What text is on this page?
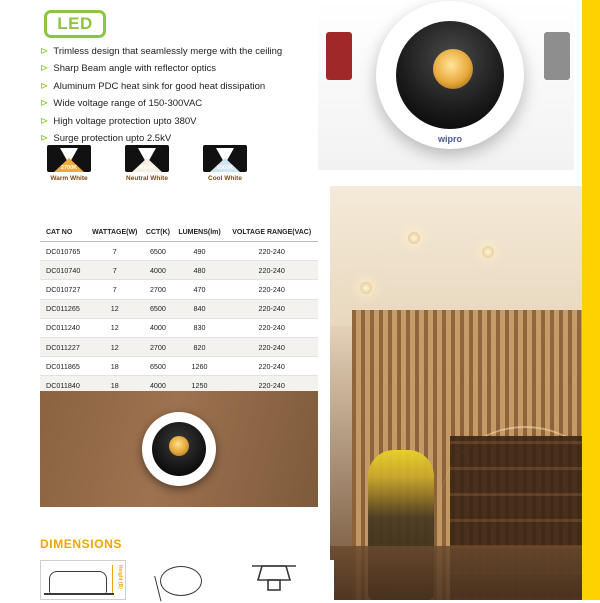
wipro
LED
⊳ Trimless design that seamlessly merge with the ceiling
⊳ Sharp Beam angle with reflector optics
⊳ Aluminum PDC heat sink for good heat dissipation
⊳ Wide voltage range of 150-300VAC
⊳ High voltage protection upto 380V
⊳ Surge protection upto 2.5kV
2700K
Warm White
4000K
Neutral White
6500K
Cool White
CAT NO	WATTAGE(W)	CCT(K)	LUMENS(lm)	VOLTAGE RANGE(VAC)
DC010765	7	6500	490	220-240
DC010740	7	4000	480	220-240
DC010727	7	2700	470	220-240
DC011265	12	6500	840	220-240
DC011240	12	4000	830	220-240
DC011227	12	2700	820	220-240
DC011865	18	6500	1260	220-240
DC011840	18	4000	1250	220-240

DIMENSIONS
Height (B)
